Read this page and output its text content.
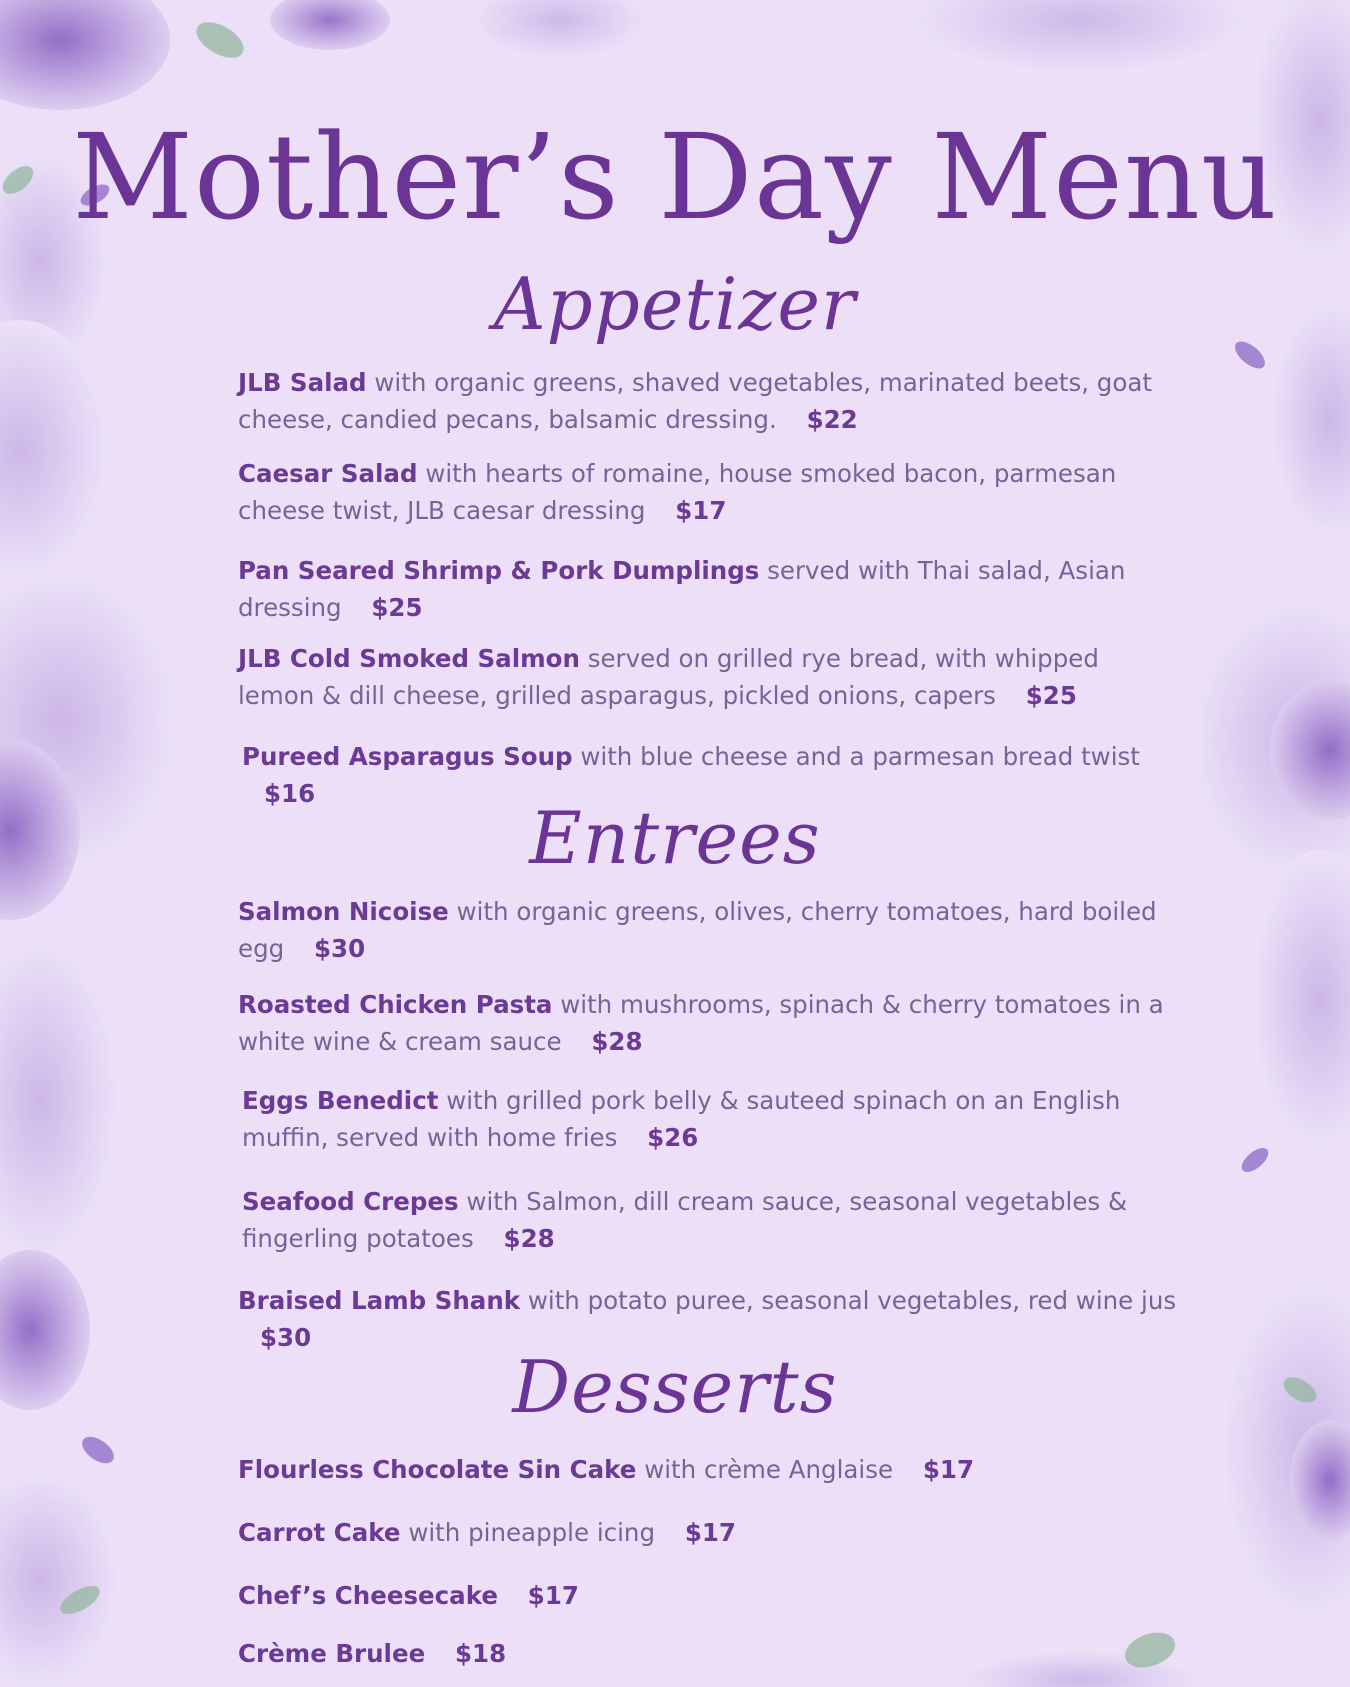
Mother’s Day Menu
Appetizer

JLB Salad with organic greens, shaved vegetables, marinated beets, goat cheese, candied pecans, balsamic dressing. $22

Caesar Salad with hearts of romaine, house smoked bacon, parmesan cheese twist, JLB caesar dressing $17

Pan Seared Shrimp & Pork Dumplings served with Thai salad, Asian dressing $25

JLB Cold Smoked Salmon served on grilled rye bread, with whipped lemon & dill cheese, grilled asparagus, pickled onions, capers $25

Pureed Asparagus Soup with blue cheese and a parmesan bread twist $16

Entrees

Salmon Nicoise with organic greens, olives, cherry tomatoes, hard boiled egg $30

Roasted Chicken Pasta with mushrooms, spinach & cherry tomatoes in a white wine & cream sauce $28

Eggs Benedict with grilled pork belly & sauteed spinach on an English muffin, served with home fries $26

Seafood Crepes with Salmon, dill cream sauce, seasonal vegetables & fingerling potatoes $28

Braised Lamb Shank with potato puree, seasonal vegetables, red wine jus $30

Desserts

Flourless Chocolate Sin Cake with crème Anglaise $17

Carrot Cake with pineapple icing $17

Chef’s Cheesecake $17

Crème Brulee $18
